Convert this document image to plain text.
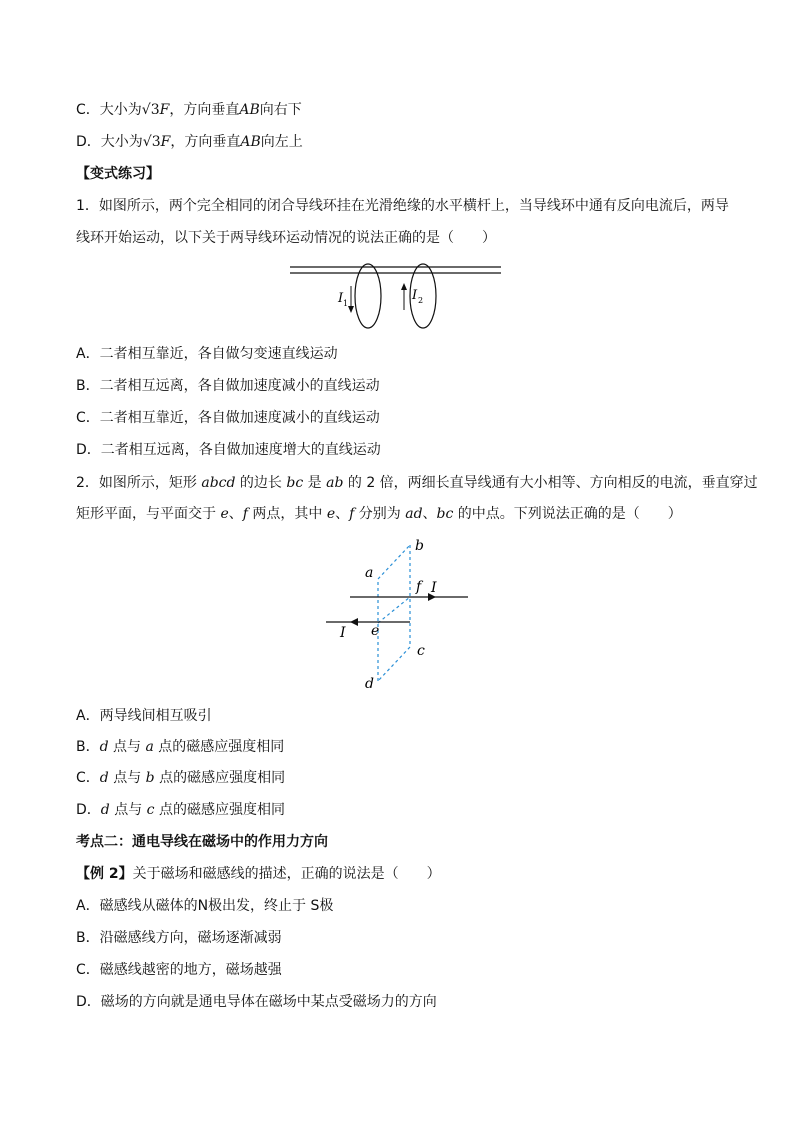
C．大小为√3F，方向垂直AB向右下
D．大小为√3F，方向垂直AB向左上
【变式练习】
1．如图所示，两个完全相同的闭合导线环挂在光滑绝缘的水平横杆上，当导线环中通有反向电流后，两导
线环开始运动，以下关于两导线环运动情况的说法正确的是（　　）
I 1
I 2
A．二者相互靠近，各自做匀变速直线运动
B．二者相互远离，各自做加速度减小的直线运动
C．二者相互靠近，各自做加速度减小的直线运动
D．二者相互远离，各自做加速度增大的直线运动
2．如图所示，矩形 abcd 的边长 bc 是 ab 的 2 倍，两细长直导线通有大小相等、方向相反的电流，垂直穿过
矩形平面，与平面交于 e、f 两点，其中 e、f 分别为 ad、bc 的中点。下列说法正确的是（　　）
a
b
c
d
e
f I
I
A．两导线间相互吸引
B．d 点与 a 点的磁感应强度相同
C．d 点与 b 点的磁感应强度相同
D．d 点与 c 点的磁感应强度相同
考点二：通电导线在磁场中的作用力方向
【例 2】关于磁场和磁感线的描述，正确的说法是（　　）
A．磁感线从磁体的N极出发，终止于 S极
B．沿磁感线方向，磁场逐渐减弱
C．磁感线越密的地方，磁场越强
D．磁场的方向就是通电导体在磁场中某点受磁场力的方向
